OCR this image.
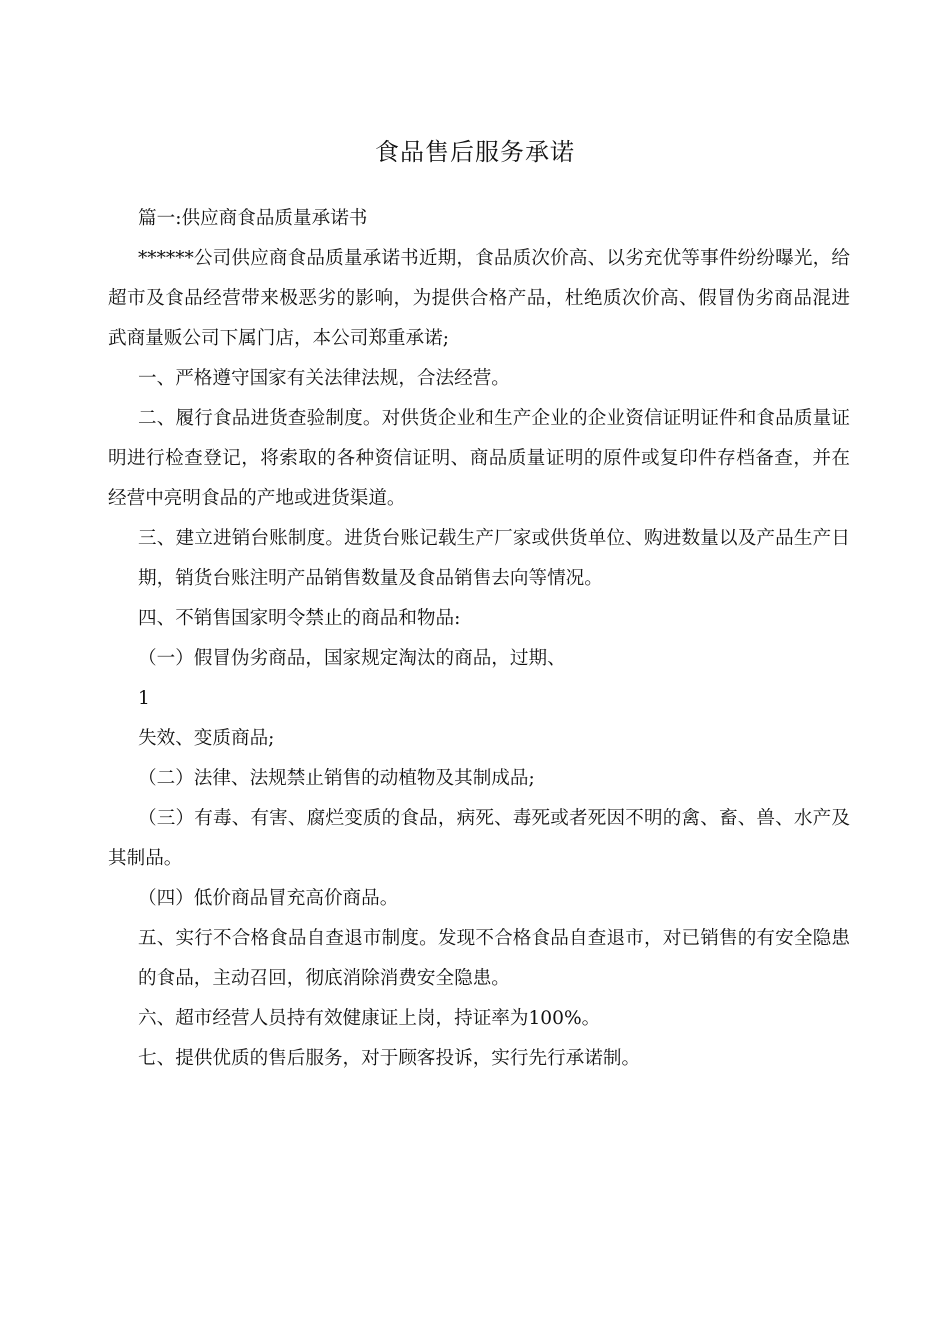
食品售后服务承诺

篇一:供应商食品质量承诺书

******公司供应商食品质量承诺书近期，食品质次价高、以劣充优等事件纷纷曝光，给超市及食品经营带来极恶劣的影响，为提供合格产品，杜绝质次价高、假冒伪劣商品混进武商量贩公司下属门店，本公司郑重承诺;

一、严格遵守国家有关法律法规，合法经营。

二、履行食品进货查验制度。对供货企业和生产企业的企业资信证明证件和食品质量证明进行检查登记，将索取的各种资信证明、商品质量证明的原件或复印件存档备查，并在经营中亮明食品的产地或进货渠道。

三、建立进销台账制度。进货台账记载生产厂家或供货单位、购进数量以及产品生产日期，销货台账注明产品销售数量及食品销售去向等情况。

四、不销售国家明令禁止的商品和物品:

（一）假冒伪劣商品，国家规定淘汰的商品，过期、

1

失效、变质商品;

（二）法律、法规禁止销售的动植物及其制成品;

（三）有毒、有害、腐烂变质的食品，病死、毒死或者死因不明的禽、畜、兽、水产及其制品。

（四）低价商品冒充高价商品。

五、实行不合格食品自查退市制度。发现不合格食品自查退市，对已销售的有安全隐患的食品，主动召回，彻底消除消费安全隐患。

六、超市经营人员持有效健康证上岗，持证率为100%。

七、提供优质的售后服务，对于顾客投诉，实行先行承诺制。
